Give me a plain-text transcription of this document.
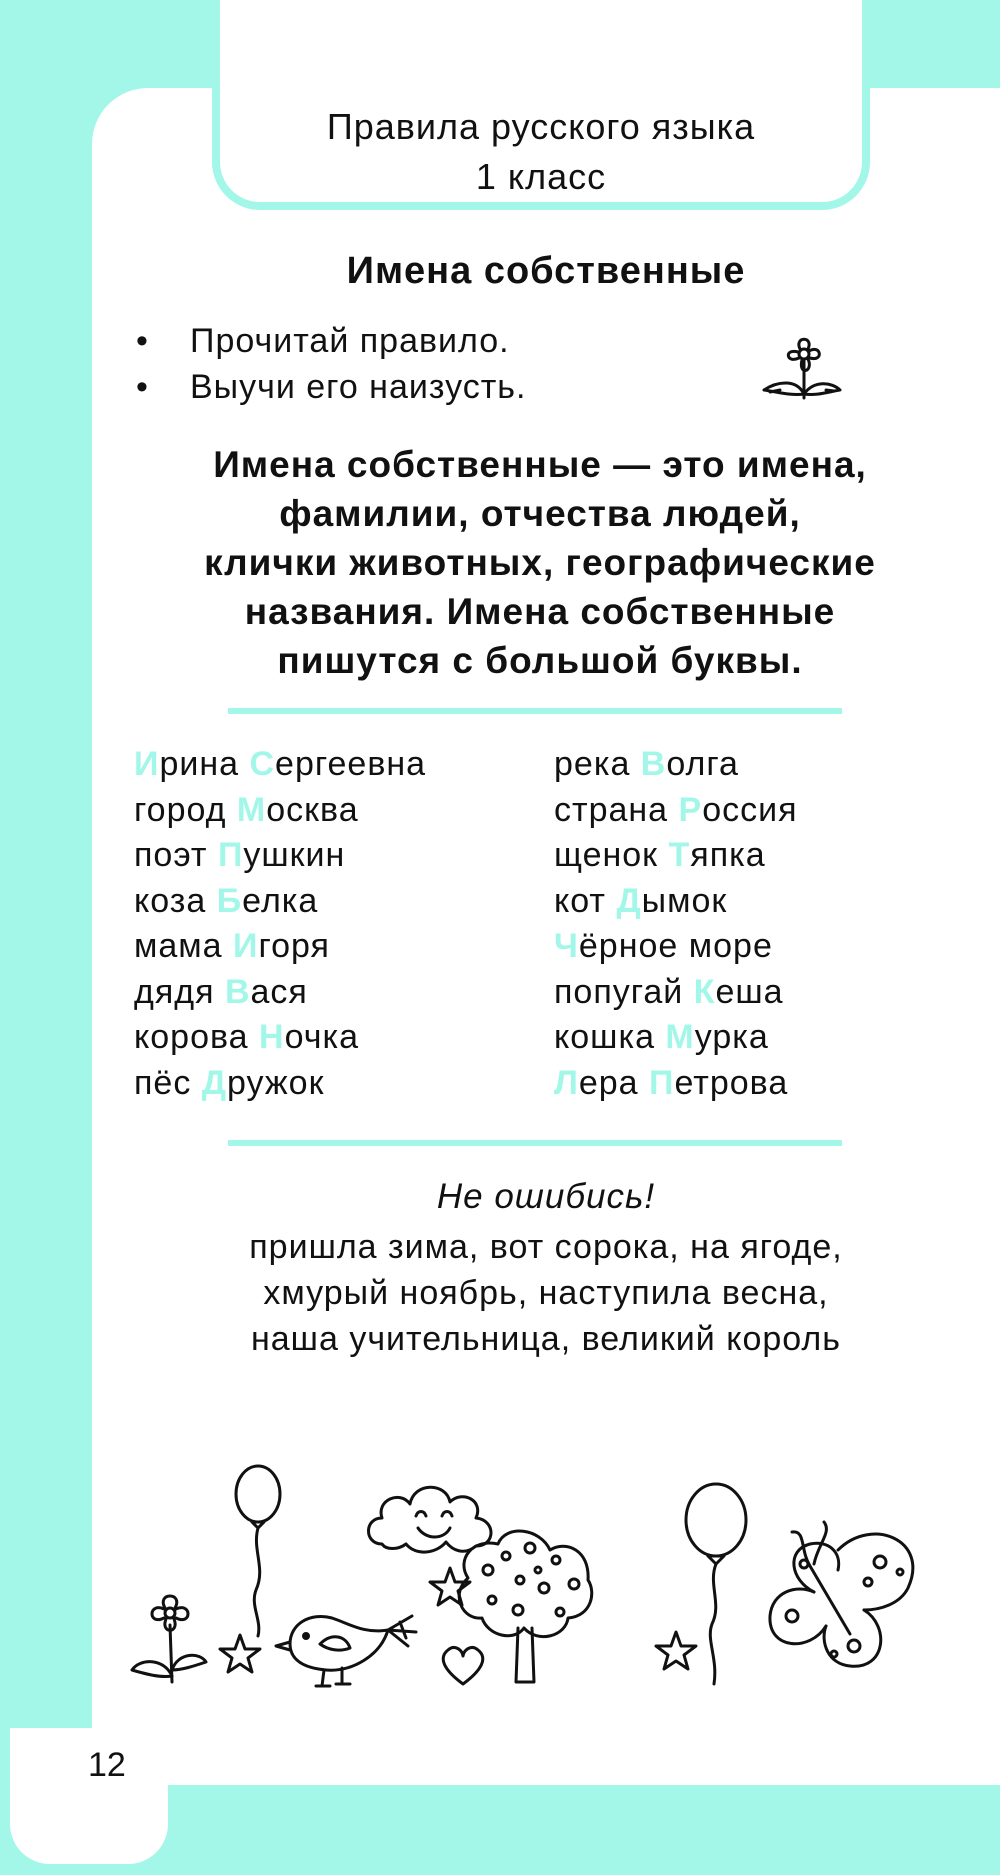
Правила русского языка
1 класс
Имена собственные
• Прочитай правило.
• Выучи его наизусть.
Имена собственные — это имена,
фамилии, отчества людей,
клички животных, географические
названия. Имена собственные
пишутся с большой буквы.
Ирина Сергеевна
город Москва
поэт Пушкин
коза Белка
мама Игоря
дядя Вася
корова Ночка
пёс Дружок
река Волга
страна Россия
щенок Тяпка
кот Дымок
Чёрное море
попугай Кеша
кошка Мурка
Лера Петрова
Не ошибись!
пришла зима, вот сорока, на ягоде,
хмурый ноябрь, наступила весна,
наша учительница, великий король
12
